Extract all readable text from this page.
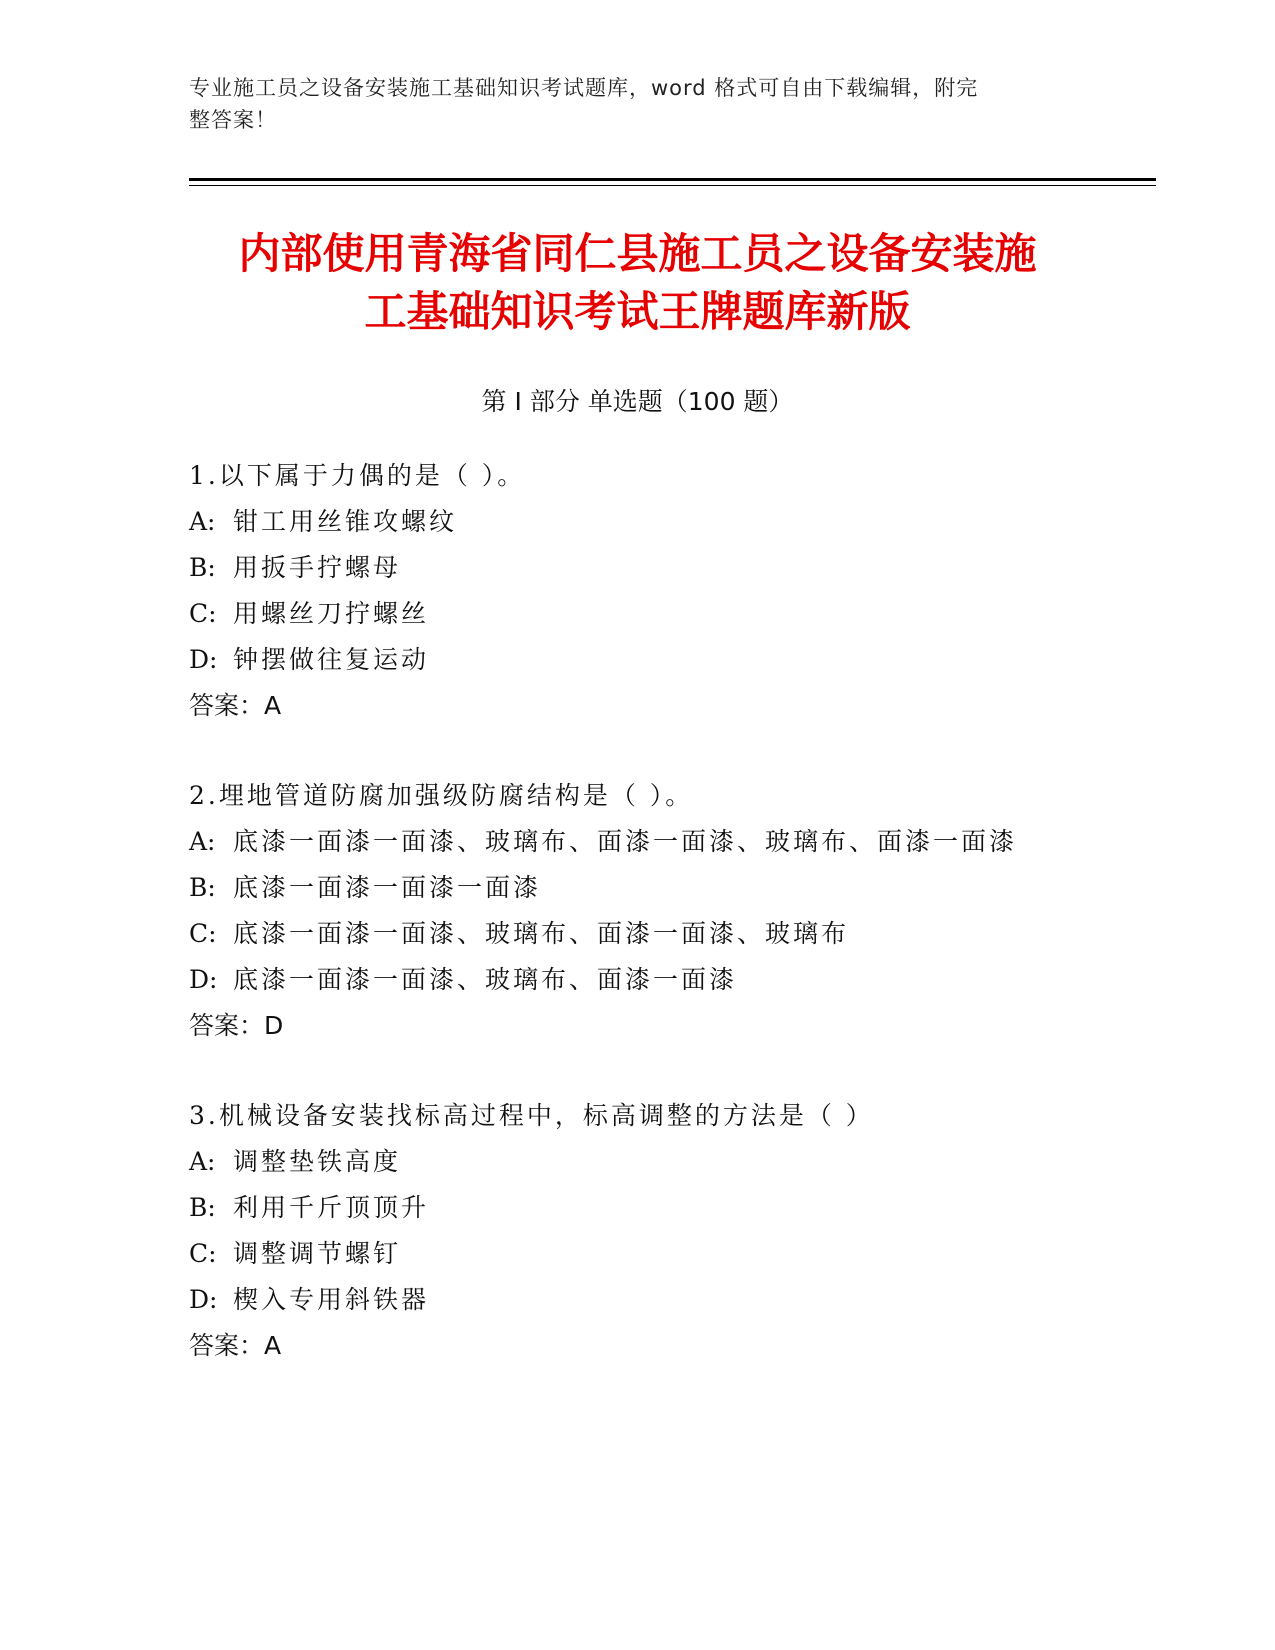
专业施工员之设备安装施工基础知识考试题库，word 格式可自由下载编辑，附完
整答案！
内部使用青海省同仁县施工员之设备安装施
工基础知识考试王牌题库新版
第 I 部分 单选题（100 题）
1.以下属于力偶的是（ ）。
A: 钳工用丝锥攻螺纹
B: 用扳手拧螺母
C: 用螺丝刀拧螺丝
D: 钟摆做往复运动
答案：A
2.埋地管道防腐加强级防腐结构是（ ）。
A: 底漆一面漆一面漆、玻璃布、面漆一面漆、玻璃布、面漆一面漆
B: 底漆一面漆一面漆一面漆
C: 底漆一面漆一面漆、玻璃布、面漆一面漆、玻璃布
D: 底漆一面漆一面漆、玻璃布、面漆一面漆
答案：D
3.机械设备安装找标高过程中，标高调整的方法是（ ）
A: 调整垫铁高度
B: 利用千斤顶顶升
C: 调整调节螺钉
D: 楔入专用斜铁器
答案：A
